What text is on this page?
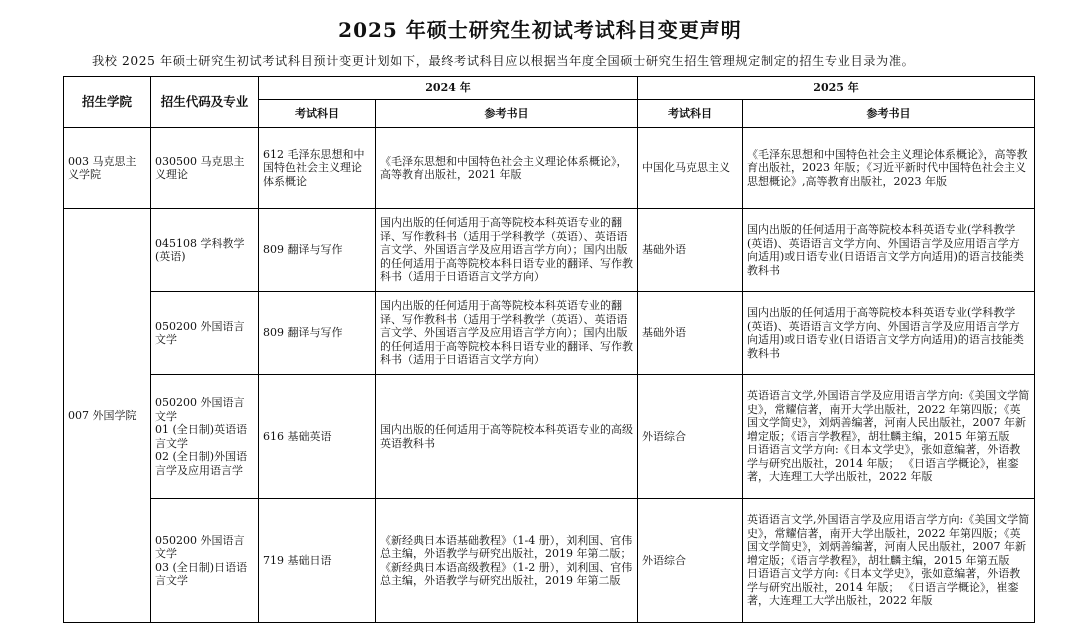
2025 年硕士研究生初试考试科目变更声明
我校 2025 年硕士研究生初试考试科目预计变更计划如下，最终考试科目应以根据当年度全国硕士研究生招生管理规定制定的招生专业目录为准。
招生学院	招生代码及专业	2024 年		2025 年	
		考试科目	参考书目	考试科目	参考书目
003 马克思主义学院	030500 马克思主义理论	612 毛泽东思想和中国特色社会主义理论体系概论	《毛泽东思想和中国特色社会主义理论体系概论》，高等教育出版社，2021 年版	中国化马克思主义	《毛泽东思想和中国特色社会主义理论体系概论》，高等教育出版社，2023 年版；《习近平新时代中国特色社会主义思想概论》,高等教育出版社，2023 年版
007 外国学院	045108 学科教学(英语)	809 翻译与写作	国内出版的任何适用于高等院校本科英语专业的翻译、写作教科书（适用于学科教学（英语）、英语语言文学、外国语言学及应用语言学方向）；国内出版的任何适用于高等院校本科日语专业的翻译、写作教科书（适用于日语语言文学方向）	基础外语	国内出版的任何适用于高等院校本科英语专业(学科教学(英语)、英语语言文学方向、外国语言学及应用语言学方向适用)或日语专业(日语语言文学方向适用)的语言技能类教科书
	050200 外国语言文学	809 翻译与写作	国内出版的任何适用于高等院校本科英语专业的翻译、写作教科书（适用于学科教学（英语）、英语语言文学、外国语言学及应用语言学方向）；国内出版的任何适用于高等院校本科日语专业的翻译、写作教科书（适用于日语语言文学方向）	基础外语	国内出版的任何适用于高等院校本科英语专业(学科教学(英语)、英语语言文学方向、外国语言学及应用语言学方向适用)或日语专业(日语语言文学方向适用)的语言技能类教科书
	050200 外国语言文学
01 (全日制)英语语言文学
02 (全日制)外国语言学及应用语言学	616 基础英语	国内出版的任何适用于高等院校本科英语专业的高级英语教科书	外语综合	英语语言文学,外国语言学及应用语言学方向:《美国文学简史》，常耀信著，南开大学出版社，2022 年第四版；《英国文学简史》，刘炳善编著，河南人民出版社，2007 年新增定版；《语言学教程》，胡壮麟主编，2015 年第五版
日语语言文学方向:《日本文学史》，张如意编著，外语教学与研究出版社，2014 年版； 《日语言学概论》，崔銮著，大连理工大学出版社，2022 年版
	050200 外国语言文学
03 (全日制)日语语言文学	719 基础日语	《新经典日本语基础教程》（1-4 册），刘利国、官伟总主编，外语教学与研究出版社，2019 年第二版；《新经典日本语高级教程》（1-2 册），刘利国、官伟总主编，外语教学与研究出版社，2019 年第二版	外语综合	英语语言文学,外国语言学及应用语言学方向:《美国文学简史》，常耀信著，南开大学出版社，2022 年第四版；《英国文学简史》，刘炳善编著，河南人民出版社，2007 年新增定版；《语言学教程》，胡壮麟主编，2015 年第五版
日语语言文学方向:《日本文学史》，张如意编著，外语教学与研究出版社，2014 年版； 《日语言学概论》，崔銮著，大连理工大学出版社，2022 年版
